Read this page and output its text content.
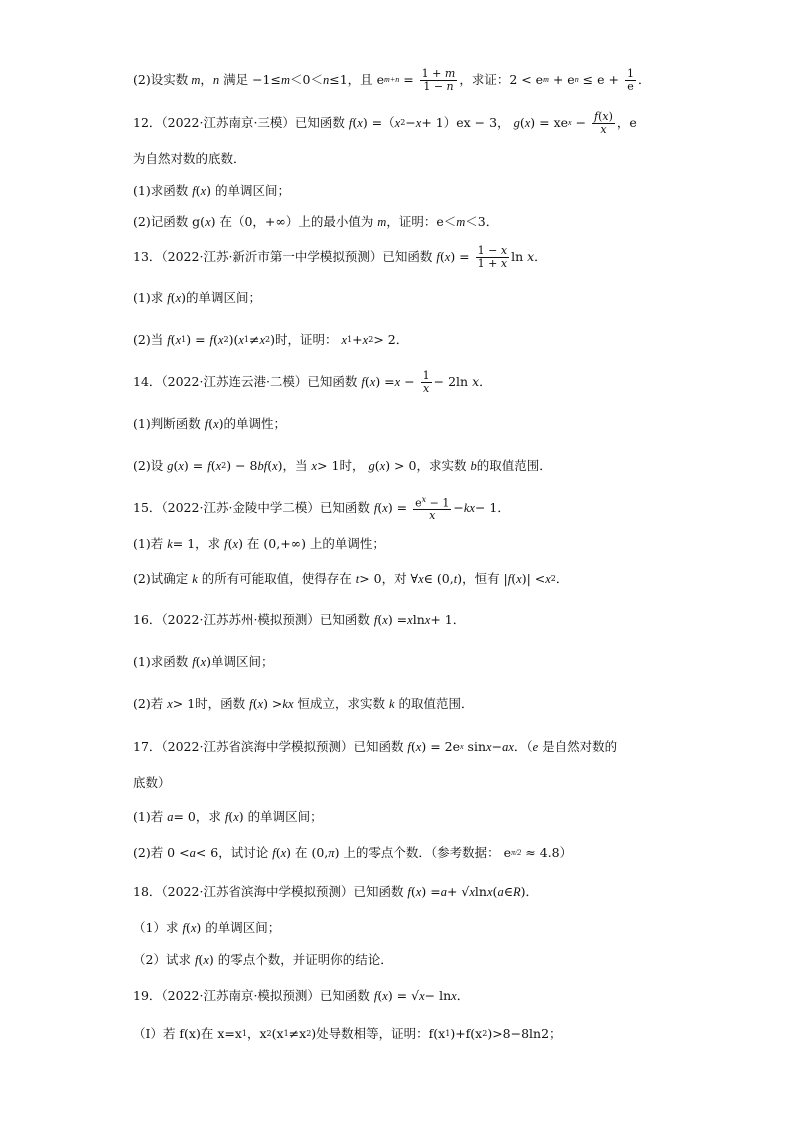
(2)设实数 m ， n 满足 −1≤ m ＜0＜ n ≤1，且 e $m+n = \frac{1 + m}{1 - n}$ ，求证：2 < e m + e $n \le e + \frac{1}{e}$ ．
12．（2022·江苏南京·三模）已知函数 f ( x ) =（ x 2 − x + 1）ex − 3， g ( x ) = xe $x - \frac{f(x)}{x}$ ，e
为自然对数的底数．
(1)求函数 f ( x ) 的单调区间；
(2)记函数 g( x ) 在（0，+∞）上的最小值为 m ，证明：e＜ m ＜3．
13．（2022·江苏·新沂市第一中学模拟预测）已知函数 f ( x ) = $\frac{1 - x}{1 + x}$ ln x．
(1)求 f ( x )的单调区间；
(2)当 f ( x 1 ) = f ( x 2 )( x 1 ≠ x 2 )时，证明： x 1 + x 2 > 2．
14．（2022·江苏连云港·二模）已知函数 f ( x ) = $x - \frac{1}{x} - 2\ln$ x．
(1)判断函数 f ( x )的单调性；
(2)设 g ( x ) = f ( x 2 ) − 8 bf ( x )，当 x > 1时， g ( x ) > 0，求实数 b 的取值范围．
15．（2022·江苏·金陵中学二模）已知函数 f ( x ) = $\frac{e^x - 1}{x}$ − kx − 1．
(1)若 k = 1，求 f ( x ) 在 (0,+∞) 上的单调性；
(2)试确定 k 的所有可能取值，使得存在 t > 0，对 ∀ x ∈ (0, t )，恒有 | f ( x )| < x 2 ．
16．（2022·江苏苏州·模拟预测）已知函数 f ( x ) = x ln x + 1．
(1)求函数 f ( x )单调区间；
(2)若 x > 1时，函数 f ( x ) > kx 恒成立，求实数 k 的取值范围．
17．（2022·江苏省滨海中学模拟预测）已知函数 f ( x ) = 2e x sin x − ax ．（ e 是自然对数的
底数）
(1)若 a = 0，求 f ( x ) 的单调区间；
(2)若 0 < a < 6，试讨论 f ( x ) 在 (0, π ) 上的零点个数．（参考数据： e π/2 ≈ 4.8）
18．（2022·江苏省滨海中学模拟预测）已知函数 f ( x ) = a + √ x ln x ( a ∈ R )．
（1）求 f ( x ) 的单调区间；
（2）试求 f ( x ) 的零点个数，并证明你的结论．
19．（2022·江苏南京·模拟预测）已知函数 f ( x ) = √ x − ln x ．
（Ⅰ）若 f(x)在 x=x 1 ，x 2 (x 1 ≠x 2 )处导数相等，证明：f(x 1 )+f(x 2 )>8−8ln2；
